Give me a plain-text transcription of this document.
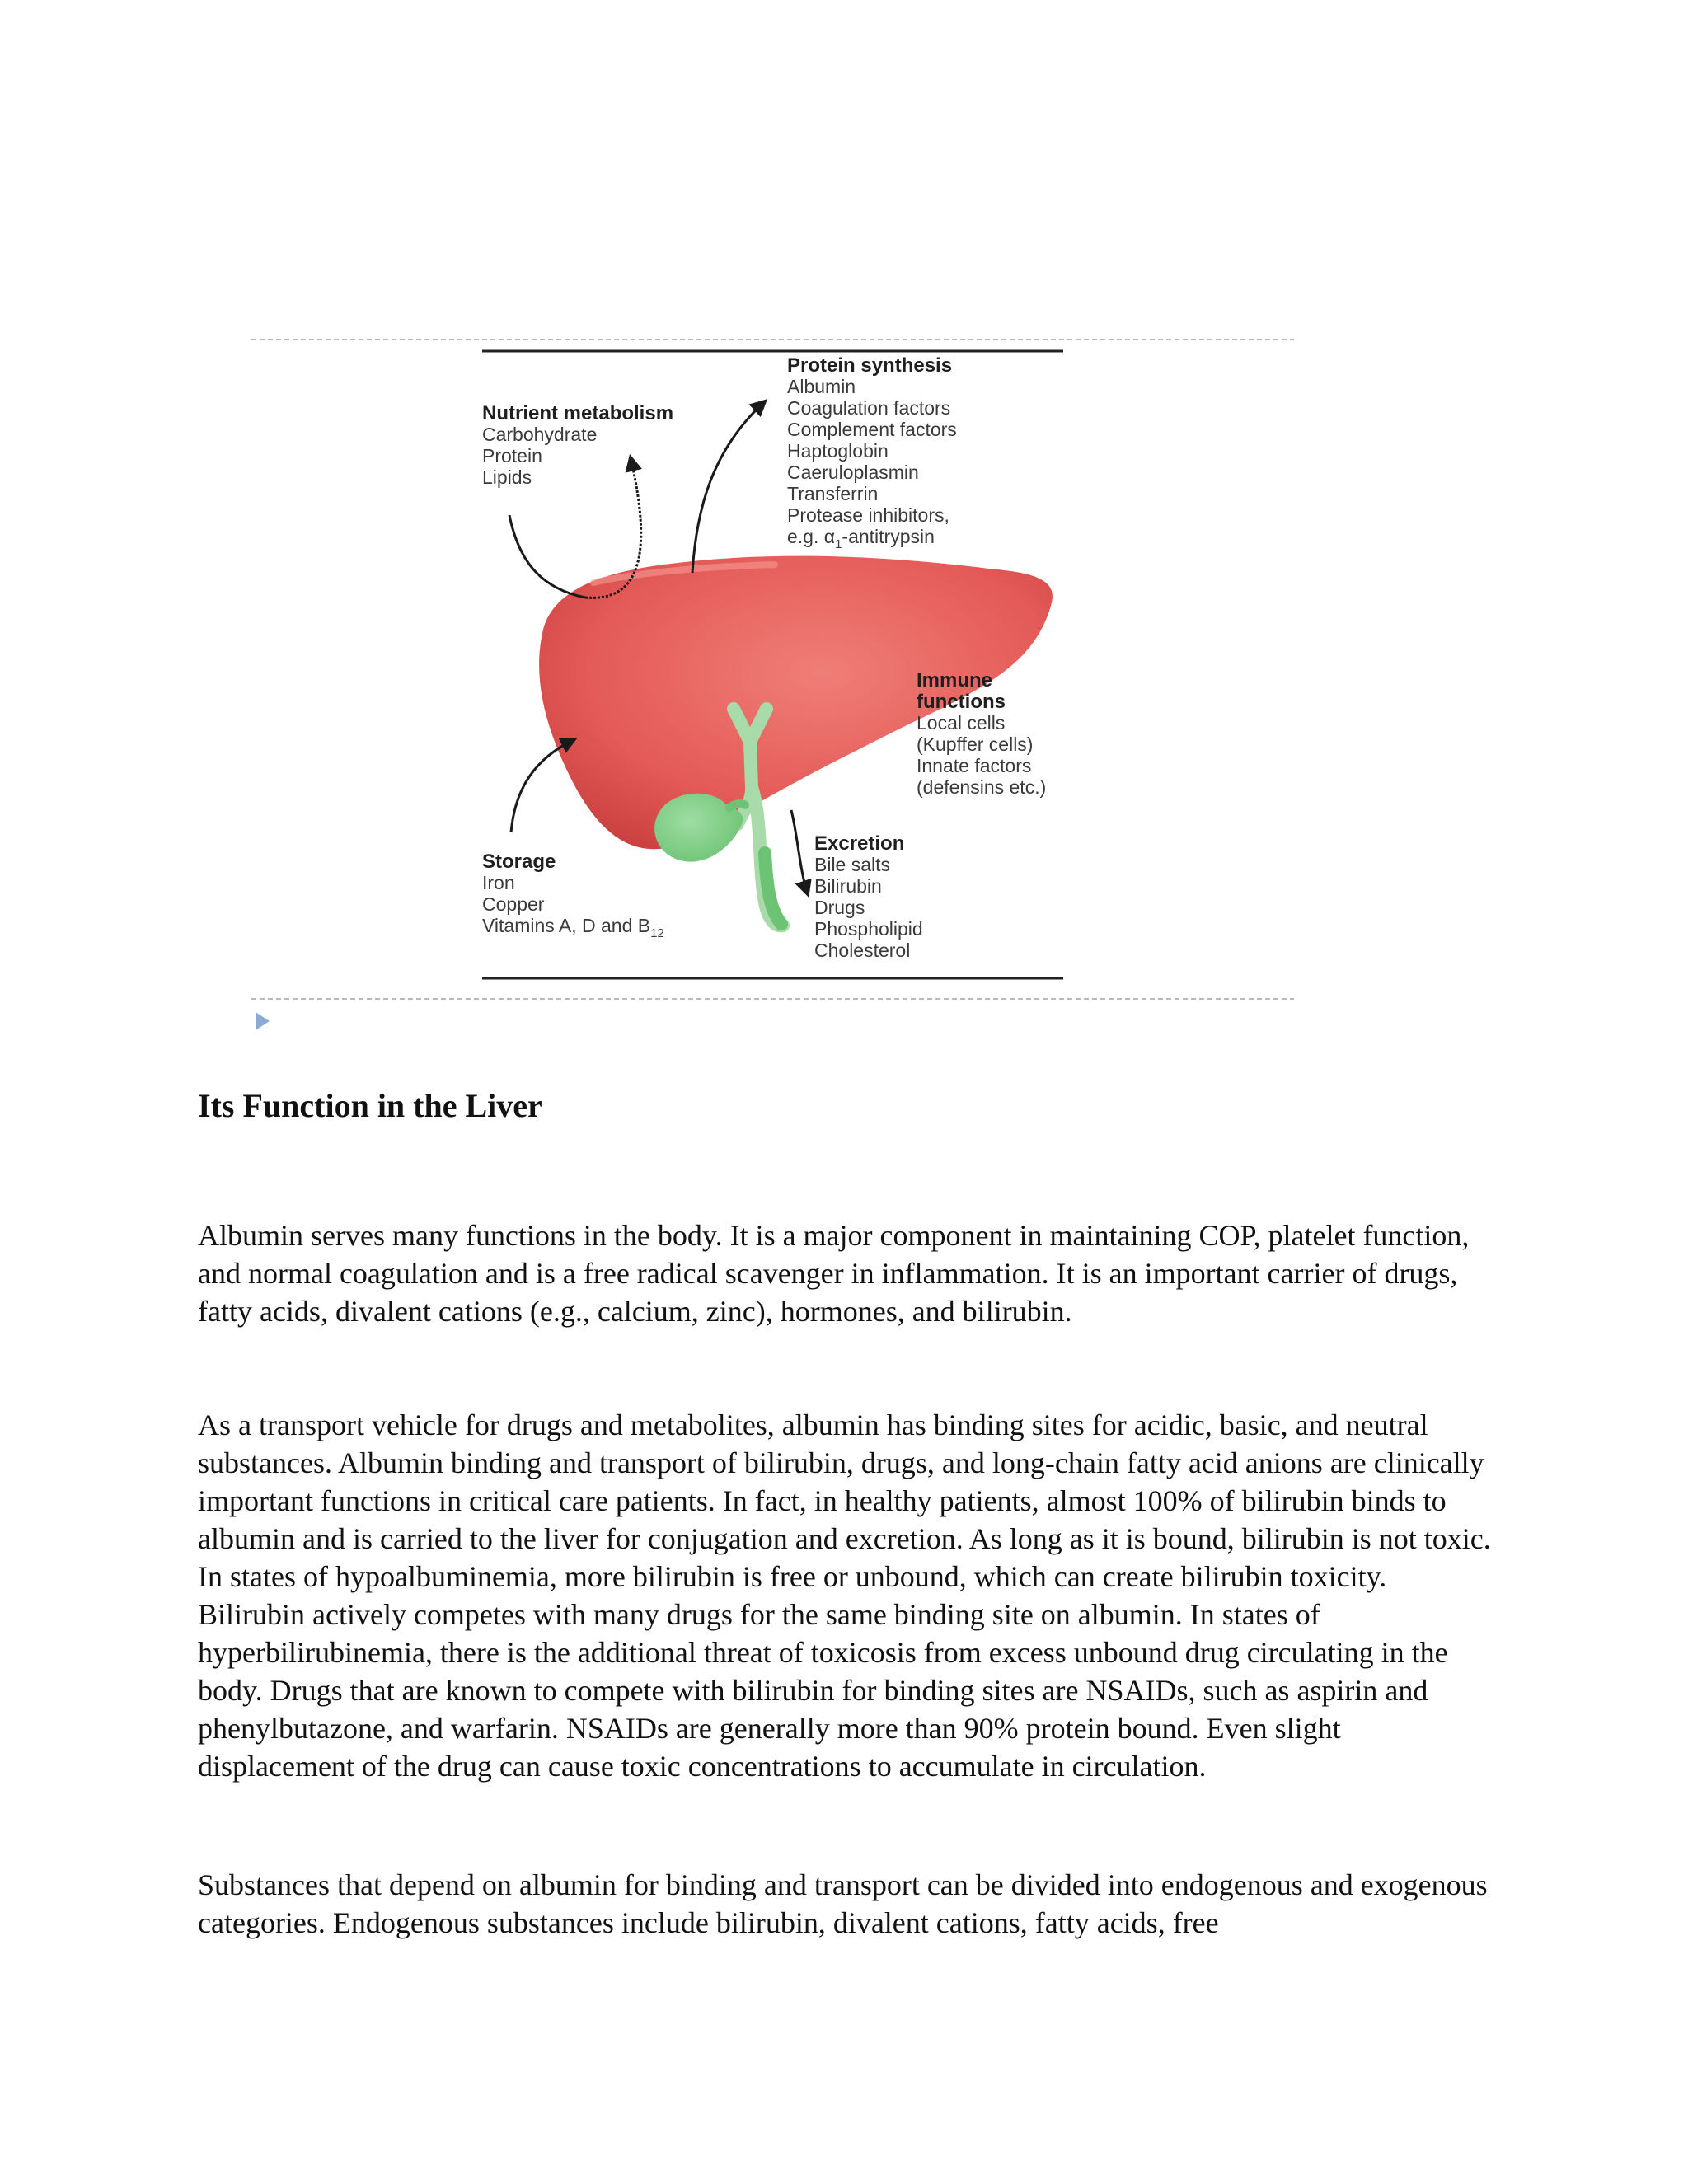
Protein synthesis
Albumin
Coagulation factors
Complement factors
Haptoglobin
Caeruloplasmin
Transferrin
Protease inhibitors,
e.g. $\alpha_1$-antitrypsin
Nutrient metabolism
Carbohydrate
Protein
Lipids
Immune
functions
Local cells
(Kupffer cells)
Innate factors
(defensins etc.)
Storage
Iron
Copper
Vitamins A, D and $B_{12}$
Excretion
Bile salts
Bilirubin
Drugs
Phospholipid
Cholesterol
Its Function in the Liver

Albumin serves many functions in the body. It is a major component in maintaining COP, platelet function, and normal coagulation and is a free radical scavenger in inflammation. It is an important carrier of drugs, fatty acids, divalent cations (e.g., calcium, zinc), hormones, and bilirubin.

As a transport vehicle for drugs and metabolites, albumin has binding sites for acidic, basic, and neutral substances. Albumin binding and transport of bilirubin, drugs, and long-chain fatty acid anions are clinically important functions in critical care patients. In fact, in healthy patients, almost 100% of bilirubin binds to albumin and is carried to the liver for conjugation and excretion. As long as it is bound, bilirubin is not toxic. In states of hypoalbuminemia, more bilirubin is free or unbound, which can create bilirubin toxicity. Bilirubin actively competes with many drugs for the same binding site on albumin. In states of hyperbilirubinemia, there is the additional threat of toxicosis from excess unbound drug circulating in the body. Drugs that are known to compete with bilirubin for binding sites are NSAIDs, such as aspirin and phenylbutazone, and warfarin. NSAIDs are generally more than 90% protein bound. Even slight displacement of the drug can cause toxic concentrations to accumulate in circulation.

Substances that depend on albumin for binding and transport can be divided into endogenous and exogenous categories. Endogenous substances include bilirubin, divalent cations, fatty acids, free
